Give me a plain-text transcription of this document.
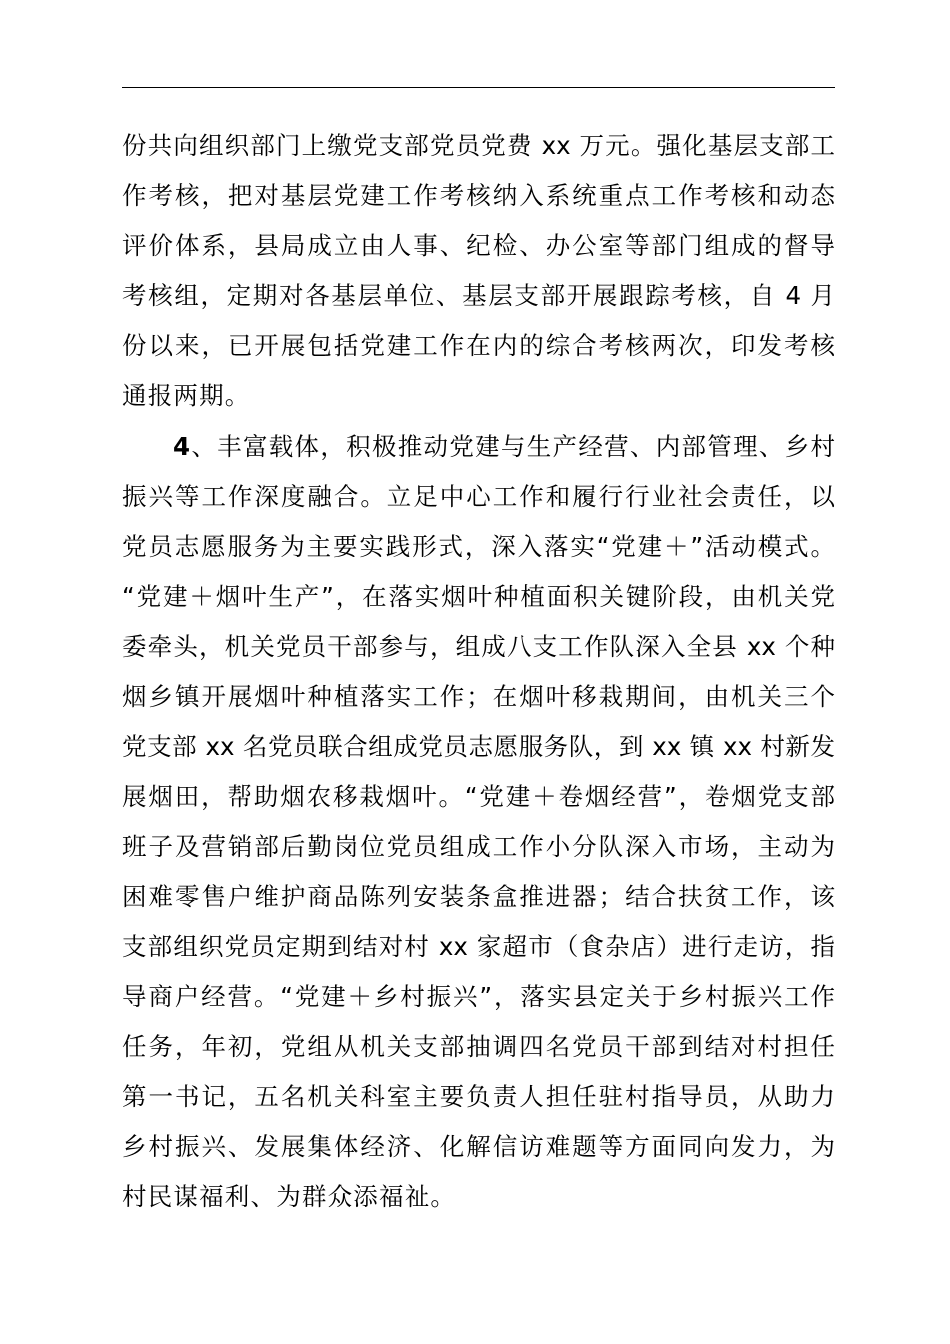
份共向组织部门上缴党支部党员党费 xx 万元。强化基层支部工
作考核，把对基层党建工作考核纳入系统重点工作考核和动态
评价体系，县局成立由人事、纪检、办公室等部门组成的督导
考核组，定期对各基层单位、基层支部开展跟踪考核，自 4 月
份以来，已开展包括党建工作在内的综合考核两次，印发考核
通报两期。
4、丰富载体，积极推动党建与生产经营、内部管理、乡村
振兴等工作深度融合。立足中心工作和履行行业社会责任，以
党员志愿服务为主要实践形式，深入落实“党建＋”活动模式。
“党建＋烟叶生产”，在落实烟叶种植面积关键阶段，由机关党
委牵头，机关党员干部参与，组成八支工作队深入全县 xx 个种
烟乡镇开展烟叶种植落实工作；在烟叶移栽期间，由机关三个
党支部 xx 名党员联合组成党员志愿服务队，到 xx 镇 xx 村新发
展烟田，帮助烟农移栽烟叶。“党建＋卷烟经营”，卷烟党支部
班子及营销部后勤岗位党员组成工作小分队深入市场，主动为
困难零售户维护商品陈列安装条盒推进器；结合扶贫工作，该
支部组织党员定期到结对村 xx 家超市（食杂店）进行走访，指
导商户经营。“党建＋乡村振兴”，落实县定关于乡村振兴工作
任务，年初，党组从机关支部抽调四名党员干部到结对村担任
第一书记，五名机关科室主要负责人担任驻村指导员，从助力
乡村振兴、发展集体经济、化解信访难题等方面同向发力，为
村民谋福利、为群众添福祉。
